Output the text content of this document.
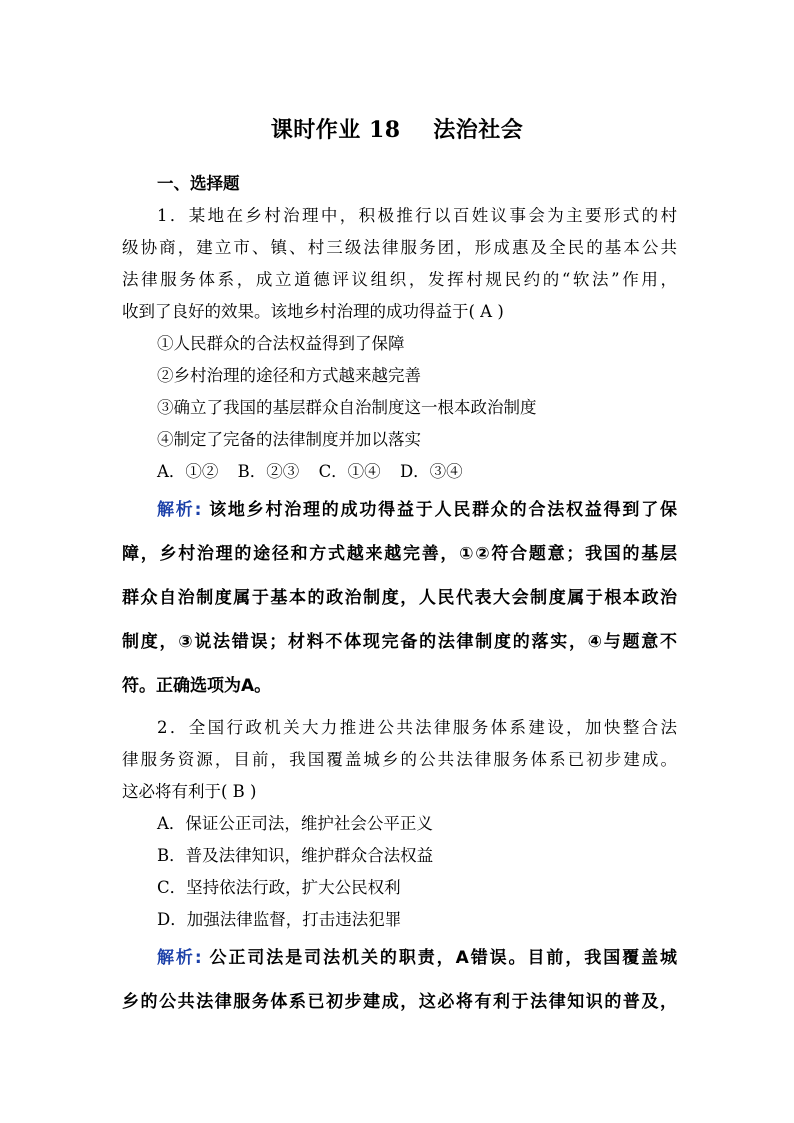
课时作业 18    法治社会
一、选择题
1．某地在乡村治理中，积极推行以百姓议事会为主要形式的村
级协商，建立市、镇、村三级法律服务团，形成惠及全民的基本公共
法律服务体系，成立道德评议组织，发挥村规民约的“软法”作用，
收到了良好的效果。该地乡村治理的成功得益于( A )
①人民群众的合法权益得到了保障
②乡村治理的途径和方式越来越完善
③确立了我国的基层群众自治制度这一根本政治制度
④制定了完备的法律制度并加以落实
A．①② B．②③ C．①④ D．③④
解析: 该地乡村治理的成功得益于人民群众的合法权益得到了保
障，乡村治理的途径和方式越来越完善，①②符合题意；我国的基层
群众自治制度属于基本的政治制度，人民代表大会制度属于根本政治
制度，③说法错误；材料不体现完备的法律制度的落实，④与题意不
符。正确选项为A。
2．全国行政机关大力推进公共法律服务体系建设，加快整合法
律服务资源，目前，我国覆盖城乡的公共法律服务体系已初步建成。
这必将有利于( B )
A．保证公正司法，维护社会公平正义
B．普及法律知识，维护群众合法权益
C．坚持依法行政，扩大公民权利
D．加强法律监督，打击违法犯罪
解析: 公正司法是司法机关的职责，A错误。目前，我国覆盖城
乡的公共法律服务体系已初步建成，这必将有利于法律知识的普及，
